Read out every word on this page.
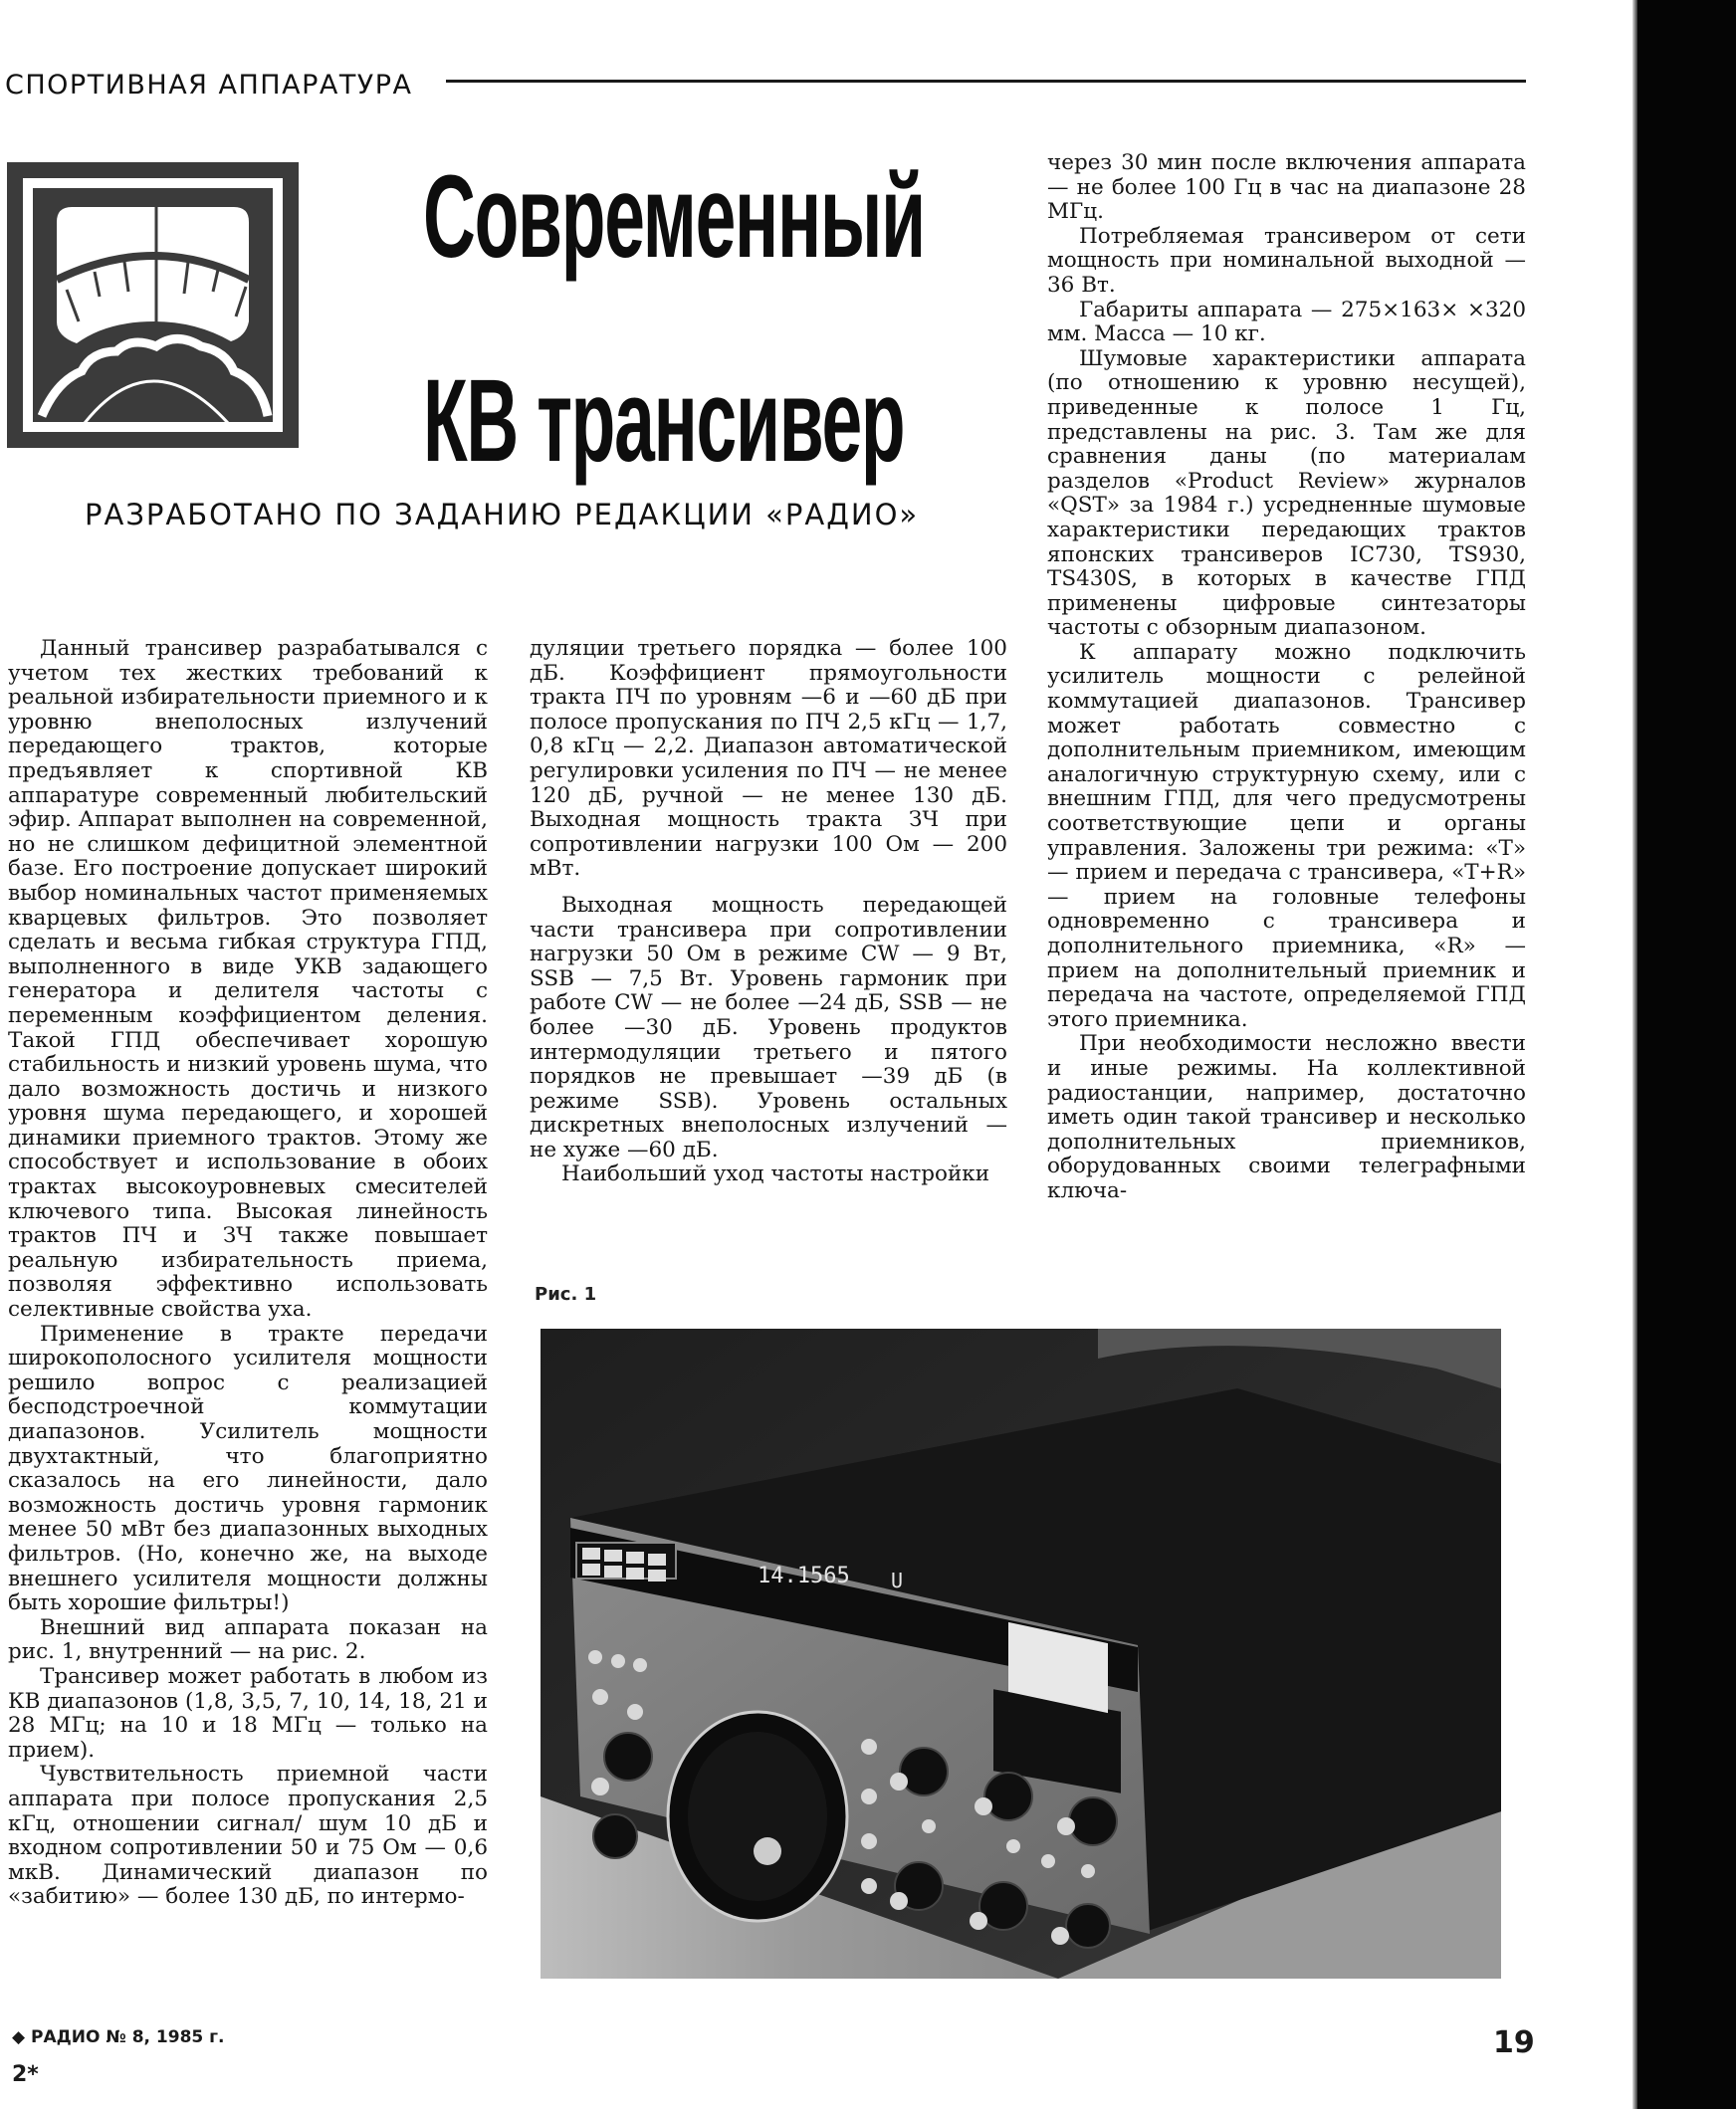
СПОРТИВНАЯ АППАРАТУРА
Современный
КВ трансивер
РАЗРАБОТАНО ПО ЗАДАНИЮ РЕДАКЦИИ «РАДИО»

Данный трансивер разрабатывался с учетом тех жестких требований к реальной избирательности приемного и к уровню внеполосных излучений передающего трактов, которые предъявляет к спортивной КВ аппаратуре современный любительский эфир. Аппарат выполнен на современной, но не слишком дефицитной элементной базе. Его построение допускает широкий выбор номинальных частот применяемых кварцевых фильтров. Это позволяет сделать и весьма гибкая структура ГПД, выполненного в виде УКВ задающего генератора и делителя частоты с переменным коэффициентом деления. Такой ГПД обеспечивает хорошую стабильность и низкий уровень шума, что дало возможность достичь и низкого уровня шума передающего, и хорошей динамики приемного трактов. Этому же способствует и использование в обоих трактах высокоуровневых смесителей ключевого типа. Высокая линейность трактов ПЧ и ЗЧ также повышает реальную избирательность приема, позволяя эффективно использовать селективные свойства уха.

Применение в тракте передачи широкополосного усилителя мощности решило вопрос с реализацией бесподстроечной коммутации диапазонов. Усилитель мощности двухтактный, что благоприятно сказалось на его линейности, дало возможность достичь уровня гармоник менее 50 мВт без диапазонных выходных фильтров. (Но, конечно же, на выходе внешнего усилителя мощности должны быть хорошие фильтры!)

Внешний вид аппарата показан на рис. 1, внутренний — на рис. 2.

Трансивер может работать в любом из КВ диапазонов (1,8, 3,5, 7, 10, 14, 18, 21 и 28 МГц; на 10 и 18 МГц — только на прием).

Чувствительность приемной части аппарата при полосе пропускания 2,5 кГц, отношении сигнал/ шум 10 дБ и входном сопротивлении 50 и 75 Ом — 0,6 мкВ. Динамический диапазон по «забитию» — более 130 дБ, по интермо-

дуляции третьего порядка — более 100 дБ. Коэффициент прямоугольности тракта ПЧ по уровням —6 и —60 дБ при полосе пропускания по ПЧ 2,5 кГц — 1,7, 0,8 кГц — 2,2. Диапазон автоматической регулировки усиления по ПЧ — не менее 120 дБ, ручной — не менее 130 дБ. Выходная мощность тракта ЗЧ при сопротивлении нагрузки 100 Ом — 200 мВт.

Выходная мощность передающей части трансивера при сопротивлении нагрузки 50 Ом в режиме CW — 9 Вт, SSB — 7,5 Вт. Уровень гармоник при работе CW — не более —24 дБ, SSB — не более —30 дБ. Уровень продуктов интермодуляции третьего и пятого порядков не превышает —39 дБ (в режиме SSB). Уровень остальных дискретных внеполосных излучений — не хуже —60 дБ.

Наибольший уход частоты настройки

через 30 мин после включения аппарата — не более 100 Гц в час на диапазоне 28 МГц.

Потребляемая трансивером от сети мощность при номинальной выходной — 36 Вт.

Габариты аппарата — 275×163× ×320 мм. Масса — 10 кг.

Шумовые характеристики аппарата (по отношению к уровню несущей), приведенные к полосе 1 Гц, представлены на рис. 3. Там же для сравнения даны (по материалам разделов «Product Review» журналов «QST» за 1984 г.) усредненные шумовые характеристики передающих трактов японских трансиверов IC730, TS930, TS430S, в которых в качестве ГПД применены цифровые синтезаторы частоты с обзорным диапазоном.

К аппарату можно подключить усилитель мощности с релейной коммутацией диапазонов. Трансивер может работать совместно с дополнительным приемником, имеющим аналогичную структурную схему, или с внешним ГПД, для чего предусмотрены соответствующие цепи и органы управления. Заложены три режима: «T» — прием и передача с трансивера, «T+R» — прием на головные телефоны одновременно с трансивера и дополнительного приемника, «R» — прием на дополнительный приемник и передача на частоте, определяемой ГПД этого приемника.

При необходимости несложно ввести и иные режимы. На коллективной радиостанции, например, достаточно иметь один такой трансивер и несколько дополнительных приемников, оборудованных своими телеграфными ключа-

Рис. 1
14.1565 U
◆ РАДИО № 8, 1985 г.
2*
19
